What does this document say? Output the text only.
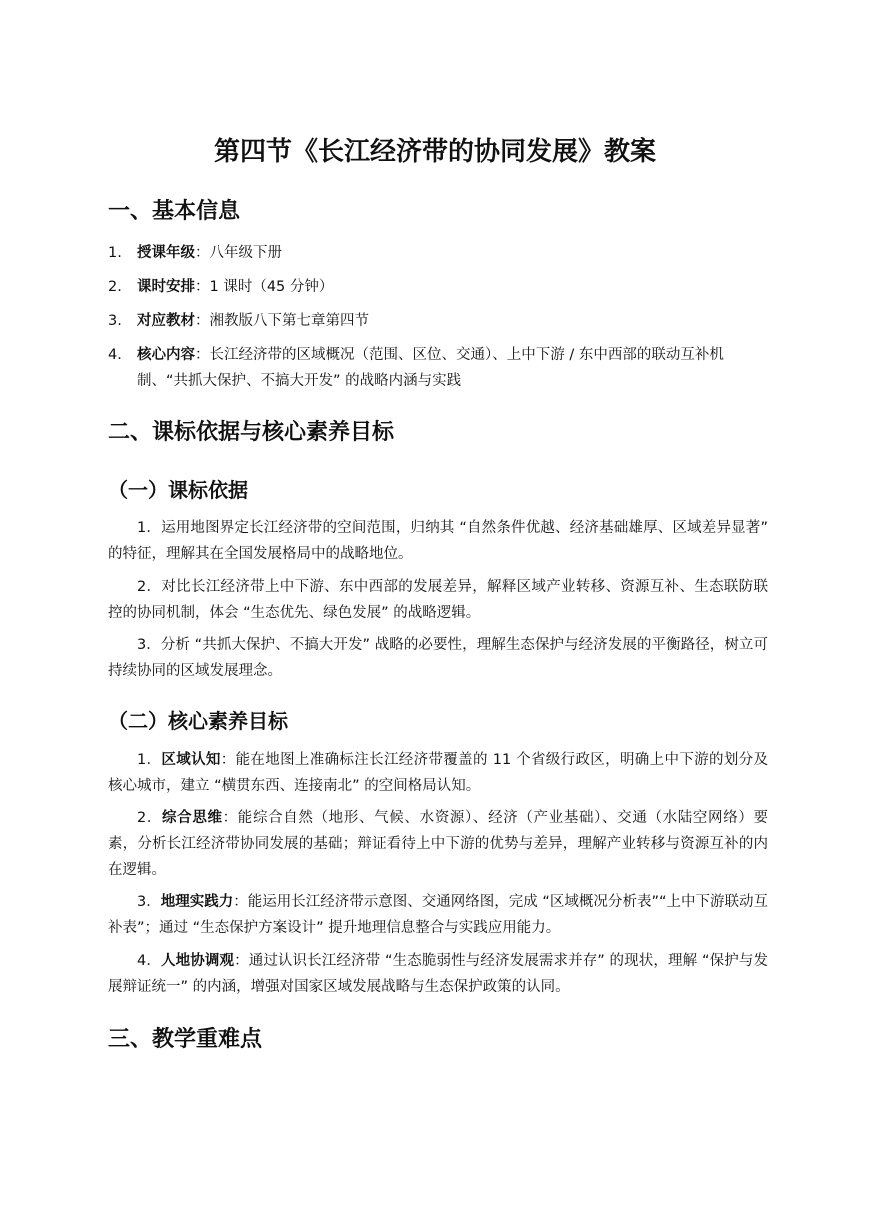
第四节《长江经济带的协同发展》教案
一、基本信息
1. 授课年级：八年级下册
2. 课时安排：1 课时（45 分钟）
3. 对应教材：湘教版八下第七章第四节
4. 核心内容：长江经济带的区域概况（范围、区位、交通）、上中下游 / 东中西部的联动互补机制、“共抓大保护、不搞大开发” 的战略内涵与实践
二、课标依据与核心素养目标
（一）课标依据

1．运用地图界定长江经济带的空间范围，归纳其 “自然条件优越、经济基础雄厚、区域差异显著” 的特征，理解其在全国发展格局中的战略地位。

2．对比长江经济带上中下游、东中西部的发展差异，解释区域产业转移、资源互补、生态联防联控的协同机制，体会 “生态优先、绿色发展” 的战略逻辑。

3．分析 “共抓大保护、不搞大开发” 战略的必要性，理解生态保护与经济发展的平衡路径，树立可持续协同的区域发展理念。

（二）核心素养目标

1．区域认知：能在地图上准确标注长江经济带覆盖的 11 个省级行政区，明确上中下游的划分及核心城市，建立 “横贯东西、连接南北” 的空间格局认知。

2．综合思维：能综合自然（地形、气候、水资源）、经济（产业基础）、交通（水陆空网络）要素，分析长江经济带协同发展的基础；辩证看待上中下游的优势与差异，理解产业转移与资源互补的内在逻辑。

3．地理实践力：能运用长江经济带示意图、交通网络图，完成 “区域概况分析表”“上中下游联动互补表”；通过 “生态保护方案设计” 提升地理信息整合与实践应用能力。

4．人地协调观：通过认识长江经济带 “生态脆弱性与经济发展需求并存” 的现状，理解 “保护与发展辩证统一” 的内涵，增强对国家区域发展战略与生态保护政策的认同。

三、教学重难点
